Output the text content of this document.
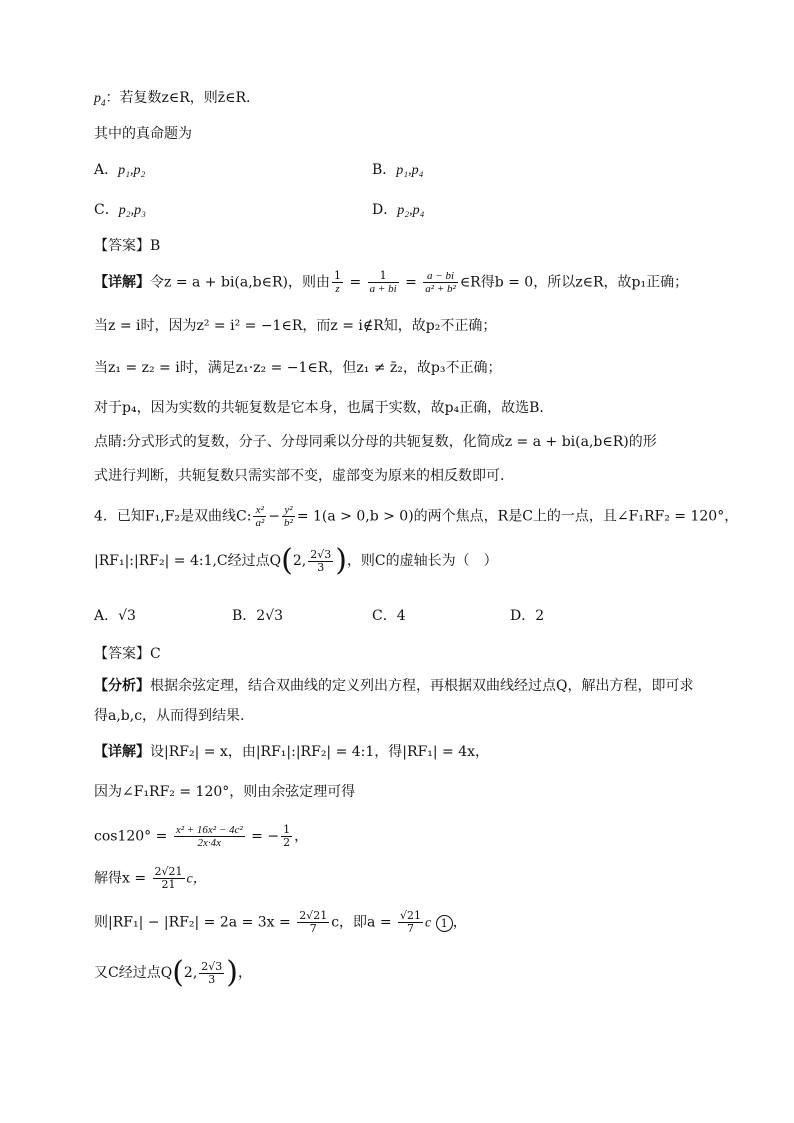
$p_4$：若复数z∈R，则z̄∈R.
其中的真命题为
A．p₁,p₂	B．p₁,p₄
C．p₂,p₃	D．p₂,p₄
【答案】B
【详解】令z = a + bi(a,b∈R)，则由 $\frac{1}{z} = \frac{1}{a + bi} = \frac{a - bi}{\text{a² + b²}}$ ∈R得b = 0，所以z∈R，故p₁正确；
当z = i时，因为z² = i² = −1∈R，而z = i∉R知，故p₂不正确；
当z₁ = z₂ = i时，满足z₁·z₂ = −1∈R，但z₁ ≠ z̄₂，故p₃不正确；
对于p₄，因为实数的共轭复数是它本身，也属于实数，故p₄正确，故选B.
点睛:分式形式的复数，分子、分母同乘以分母的共轭复数，化简成z = a + bi(a,b∈R)的形
式进行判断，共轭复数只需实部不变，虚部变为原来的相反数即可.
4．已知F₁,F₂是双曲线C: $\frac{\text{x²}}{\text{a²}} - \frac{\text{y²}}{\text{b²}} = 1(a > 0,b > 0)$的两个焦点，R是C上的一点，且∠F₁RF₂ = 120°，
|RF₁|:|RF₂| = 4:1,C经过点Q(2, $\frac{2√3}{3}$ )，则C的虚轴长为（　）
A．√3	B．2√3	C．4	D．2
【答案】C
【分析】根据余弦定理，结合双曲线的定义列出方程，再根据双曲线经过点Q，解出方程，即可求
得a,b,c，从而得到结果.
【详解】设|RF₂| = x，由|RF₁|:|RF₂| = 4:1，得|RF₁| = 4x，
因为∠F₁RF₂ = 120°，则由余弦定理可得
$\cos 120^\circ = \frac{\text{x² + 16x² − 4c²}}{2x\cdot 4x}$ = − $\frac{1}{2}$ ，
解得$x = \frac{2√21}{21}$ c，
则$|RF_1| - |RF_2| = 2a = 3x = \frac{2√21}{7}$ c，即$a = \frac{√21}{7}$ c 1 ，
又C经过点Q(2, $\frac{2√3}{3}$ )，
